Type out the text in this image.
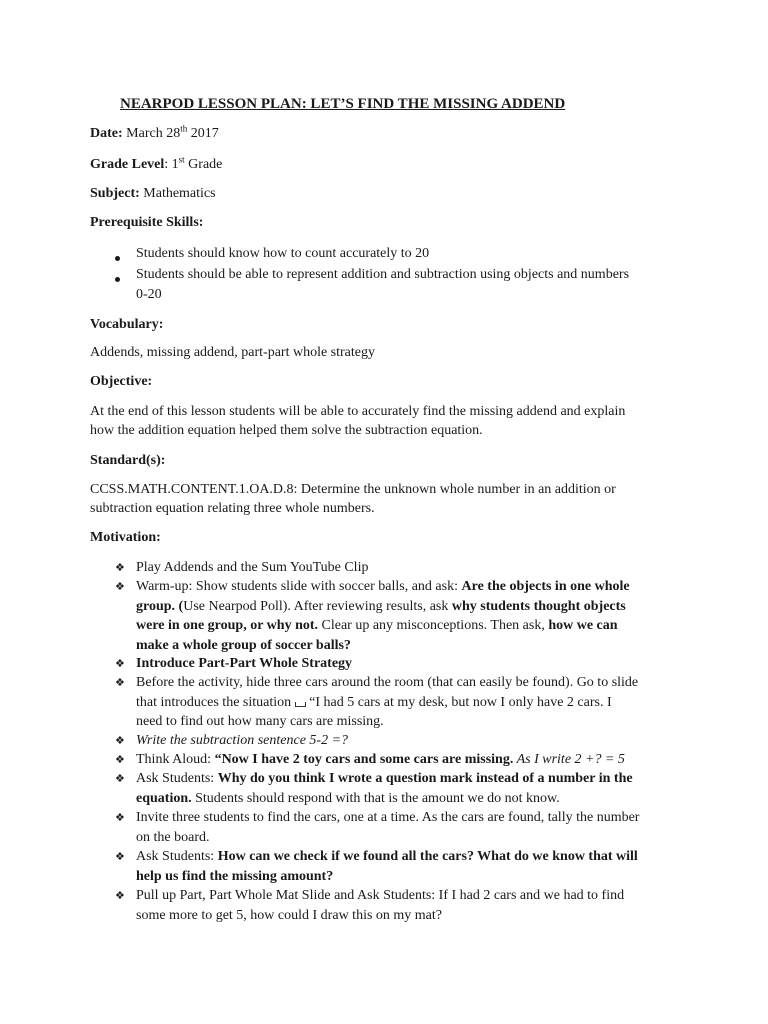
NEARPOD LESSON PLAN: LET’S FIND THE MISSING ADDEND
Date: March 28th 2017
Grade Level: 1st Grade
Subject: Mathematics
Prerequisite Skills:
Students should know how to count accurately to 20
Students should be able to represent addition and subtraction using objects and numbers
0-20
Vocabulary:
Addends, missing addend, part-part whole strategy
Objective:
At the end of this lesson students will be able to accurately find the missing addend and explain
how the addition equation helped them solve the subtraction equation.
Standard(s):
CCSS.MATH.CONTENT.1.OA.D.8: Determine the unknown whole number in an addition or
subtraction equation relating three whole numbers.
Motivation:
❖ Play Addends and the Sum YouTube Clip
❖ Warm-up: Show students slide with soccer balls, and ask: Are the objects in one whole
group. (Use Nearpod Poll). After reviewing results, ask why students thought objects
were in one group, or why not. Clear up any misconceptions. Then ask, how we can
make a whole group of soccer balls?
❖ Introduce Part-Part Whole Strategy
❖ Before the activity, hide three cars around the room (that can easily be found). Go to slide
that introduces the situation  “I had 5 cars at my desk, but now I only have 2 cars. I
need to find out how many cars are missing.
❖ Write the subtraction sentence 5-2 =?
❖ Think Aloud: “Now I have 2 toy cars and some cars are missing. As I write 2 +? = 5
❖ Ask Students: Why do you think I wrote a question mark instead of a number in the
equation. Students should respond with that is the amount we do not know.
❖ Invite three students to find the cars, one at a time. As the cars are found, tally the number
on the board.
❖ Ask Students: How can we check if we found all the cars? What do we know that will
help us find the missing amount?
❖ Pull up Part, Part Whole Mat Slide and Ask Students: If I had 2 cars and we had to find
some more to get 5, how could I draw this on my mat?
